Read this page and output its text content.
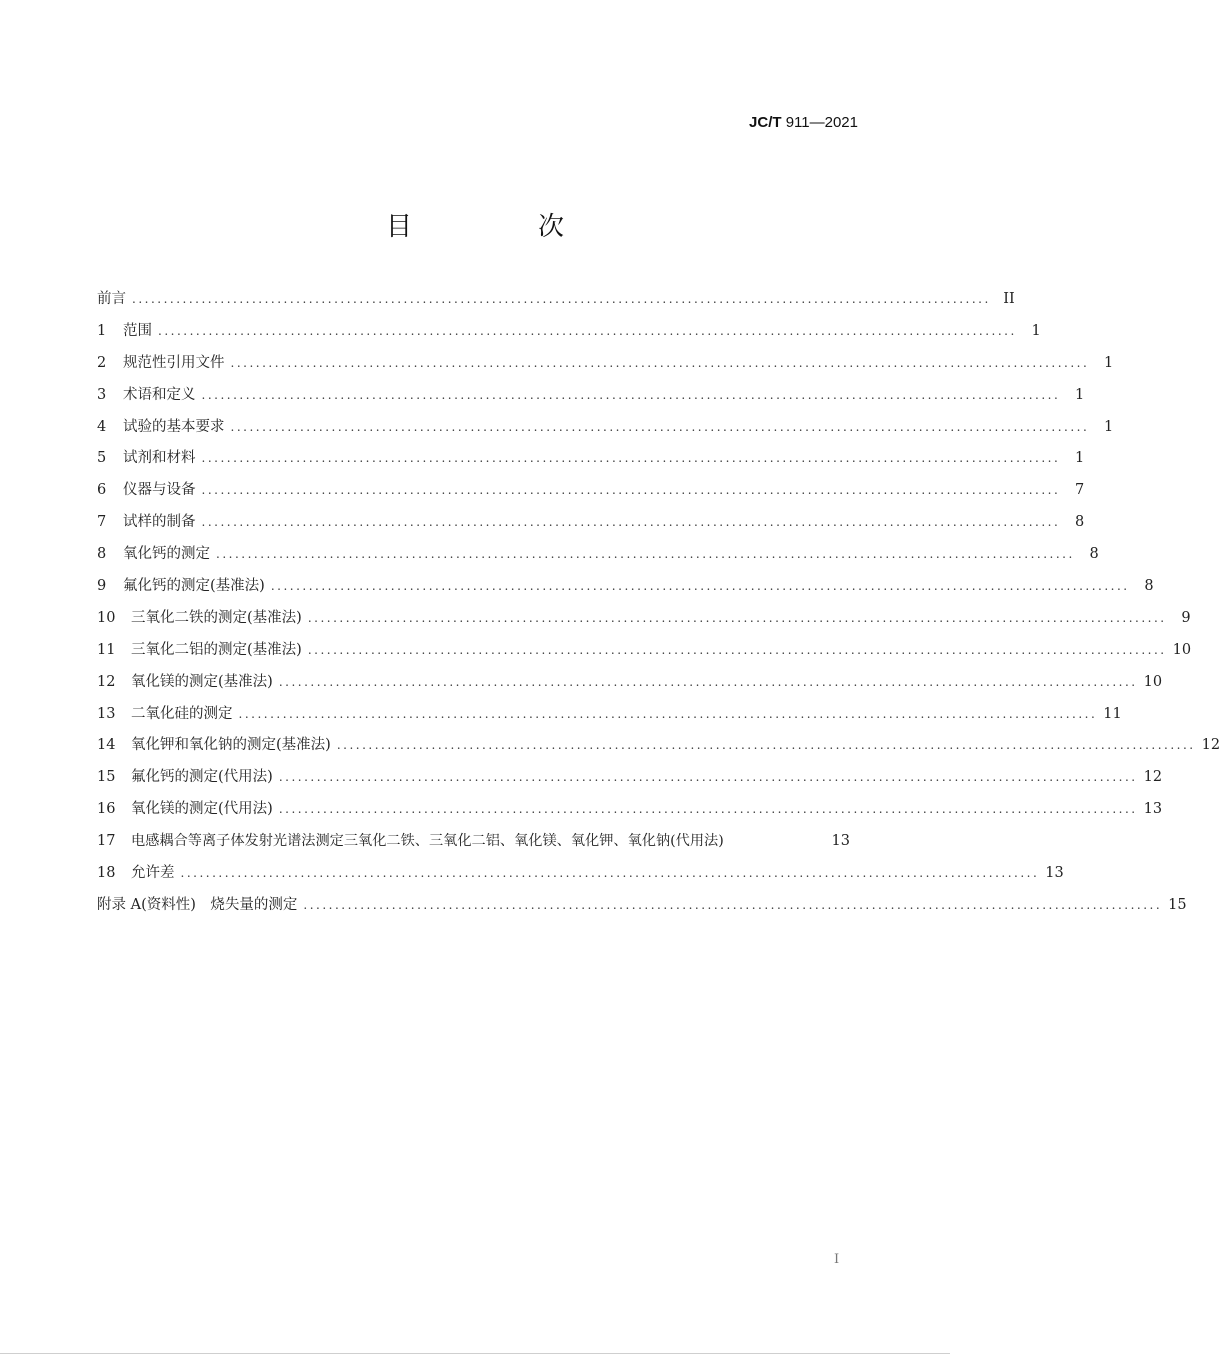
JC/T 911—2021
目　次
前言 ........................................................................................................................................ II
1	范围 ........................................................................................................................................	1
2	规范性引用文件 ........................................................................................................................................	1
3	术语和定义 ........................................................................................................................................	1
4	试验的基本要求 ........................................................................................................................................	1
5	试剂和材料 ........................................................................................................................................	1
6	仪器与设备 ........................................................................................................................................	7
7	试样的制备 ........................................................................................................................................	8
8	氧化钙的测定 ........................................................................................................................................	8
9	氟化钙的测定(基准法) ........................................................................................................................................	8
10	三氧化二铁的测定(基准法) ........................................................................................................................................	9
11	三氧化二铝的测定(基准法) ........................................................................................................................................ 10
12	氧化镁的测定(基准法) ........................................................................................................................................ 10
13	二氧化硅的测定 ........................................................................................................................................ 11
14	氧化钾和氧化钠的测定(基准法) ........................................................................................................................................ 12
15	氟化钙的测定(代用法) ........................................................................................................................................ 12
16	氧化镁的测定(代用法) ........................................................................................................................................ 13
17	电感耦合等离子体发射光谱法测定三氧化二铁、三氧化二铝、氧化镁、氧化钾、氧化钠(代用法)	13
18	允许差 ........................................................................................................................................ 13
附录 A(资料性)　烧失量的测定 ........................................................................................................................................ 15
I
